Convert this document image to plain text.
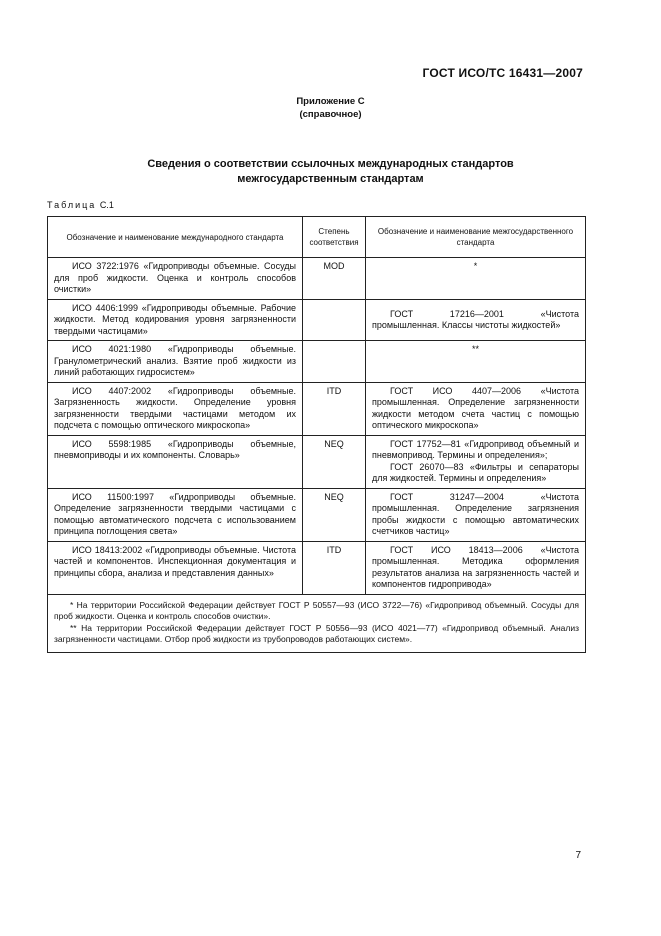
ГОСТ ИСО/ТС 16431—2007
Приложение С
(справочное)
Сведения о соответствии ссылочных международных стандартов
межгосударственным стандартам
Таблица С.1
Обозначение и наименование международного стандарта	Степень соответствия	Обозначение и наименование межгосударственного стандарта

ИСО 3722:1976 «Гидроприводы объемные. Сосуды для проб жидкости. Оценка и контроль способов очистки»	MOD	*

ИСО 4406:1999 «Гидроприводы объемные. Рабочие жидкости. Метод кодирования уровня загрязненности твердыми частицами»		ГОСТ 17216—2001 «Чистота промышленная. Классы чистоты жидкостей»

ИСО 4021:1980 «Гидроприводы объемные. Гранулометрический анализ. Взятие проб жидкости из линий работающих гидросистем»		**

ИСО 4407:2002 «Гидроприводы объемные. Загрязненность жидкости. Определение уровня загрязненности твердыми частицами методом их подсчета с помощью оптического микроскопа»	ITD	ГОСТ ИСО 4407—2006 «Чистота промышленная. Определение загрязненности жидкости методом счета частиц с помощью оптического микроскопа»

ИСО 5598:1985 «Гидроприводы объемные, пневмоприводы и их компоненты. Словарь»	NEQ	ГОСТ 17752—81 «Гидропривод объемный и пневмопривод. Термины и определения»;
ГОСТ 26070—83 «Фильтры и сепараторы для жидкостей. Термины и определения»

ИСО 11500:1997 «Гидроприводы объемные. Определение загрязненности твердыми частицами с помощью автоматического подсчета с использованием принципа поглощения света»	NEQ	ГОСТ 31247—2004 «Чистота промышленная. Определение загрязнения пробы жидкости с помощью автоматических счетчиков частиц»

ИСО 18413:2002 «Гидроприводы объемные. Чистота частей и компонентов. Инспекционная документация и принципы сбора, анализа и представления данных»	ITD	ГОСТ ИСО 18413—2006 «Чистота промышленная. Методика оформления результатов анализа на загрязненность частей и компонентов гидропривода»

* На территории Российской Федерации действует ГОСТ Р 50557—93 (ИСО 3722—76) «Гидропривод объемный. Сосуды для проб жидкости. Оценка и контроль способов очистки».
** На территории Российской Федерации действует ГОСТ Р 50556—93 (ИСО 4021—77) «Гидропривод объемный. Анализ загрязненности частицами. Отбор проб жидкости из трубопроводов работающих систем».		
7
